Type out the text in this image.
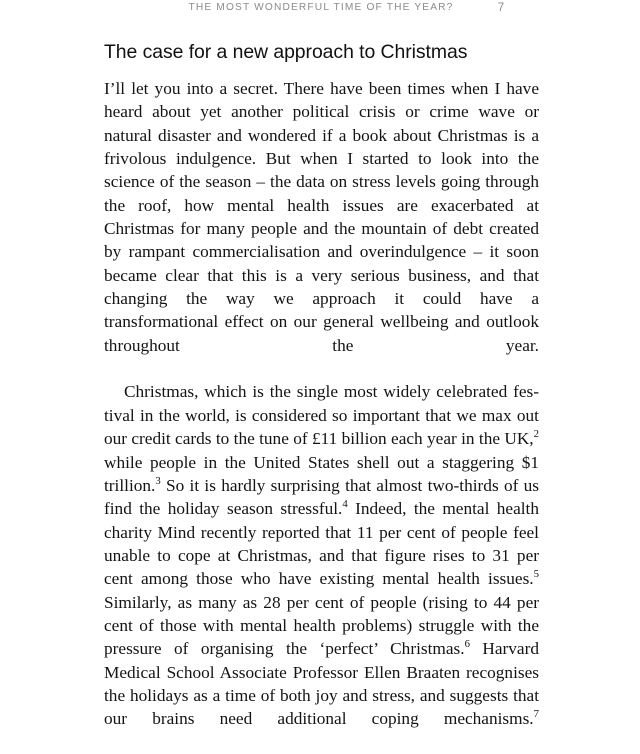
THE MOST WONDERFUL TIME OF THE YEAR?	7
The case for a new approach to Christmas

I’ll let you into a secret. There have been times when I have heard about yet another political crisis or crime wave or natural disaster and wondered if a book about Christmas is a frivolous indulgence. But when I started to look into the science of the season – the data on stress levels going through the roof, how mental health issues are exacerbated at Christmas for many people and the mountain of debt created by rampant commercialisation and overindulgence – it soon became clear that this is a very serious business, and that changing the way we approach it could have a transformational effect on our general wellbeing and outlook throughout the year.

Christmas, which is the single most widely celebrated festival in the world, is considered so important that we max out our credit cards to the tune of £11 billion each year in the UK,$^2$ while people in the United States shell out a staggering $1 trillion.$^3$ So it is hardly surprising that almost two-thirds of us find the holiday season stressful.$^4$ Indeed, the mental health charity Mind recently reported that 11 per cent of people feel unable to cope at Christmas, and that figure rises to 31 per cent among those who have existing mental health issues.$^5$ Similarly, as many as 28 per cent of people (rising to 44 per cent of those with mental health problems) struggle with the pressure of organising the ‘perfect’ Christmas.$^6$ Harvard Medical School Associate Professor Ellen Braaten recognises the holidays as a time of both joy and stress, and suggests that our brains need additional coping mechanisms.$^7$
